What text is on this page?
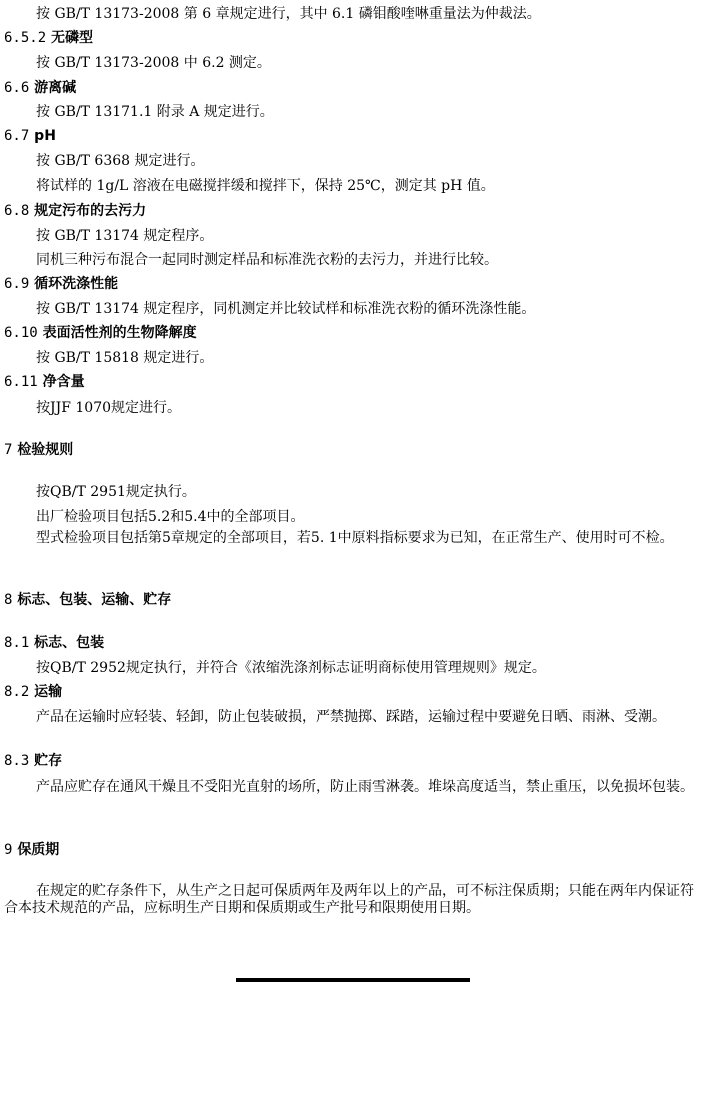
按 GB/T 13173-2008 第 6 章规定进行，其中 6.1 磷钼酸喹啉重量法为仲裁法。
6.5.2 无磷型
按 GB/T 13173-2008 中 6.2 测定。
6.6 游离碱
按 GB/T 13171.1 附录 A 规定进行。
6.7 pH
按 GB/T 6368 规定进行。
将试样的 1g/L 溶液在电磁搅拌缓和搅拌下，保持 25℃，测定其 pH 值。
6.8 规定污布的去污力
按 GB/T 13174 规定程序。
同机三种污布混合一起同时测定样品和标准洗衣粉的去污力，并进行比较。
6.9 循环洗涤性能
按 GB/T 13174 规定程序，同机测定并比较试样和标准洗衣粉的循环洗涤性能。
6.10 表面活性剂的生物降解度
按 GB/T 15818 规定进行。
6.11 净含量
按JJF 1070规定进行。
7 检验规则
按QB/T 2951规定执行。
出厂检验项目包括5.2和5.4中的全部项目。
型式检验项目包括第5章规定的全部项目，若5. 1中原料指标要求为已知，在正常生产、使用时可不检。
8 标志、包装、运输、贮存
8.1 标志、包装
按QB/T 2952规定执行，并符合《浓缩洗涤剂标志证明商标使用管理规则》规定。
8.2 运输
产品在运输时应轻装、轻卸，防止包装破损，严禁抛掷、踩踏，运输过程中要避免日晒、雨淋、受潮。
8.3 贮存
产品应贮存在通风干燥且不受阳光直射的场所，防止雨雪淋袭。堆垛高度适当，禁止重压，以免损坏包装。
9 保质期
在规定的贮存条件下，从生产之日起可保质两年及两年以上的产品，可不标注保质期；只能在两年内保证符合本技术规范的产品，应标明生产日期和保质期或生产批号和限期使用日期。
